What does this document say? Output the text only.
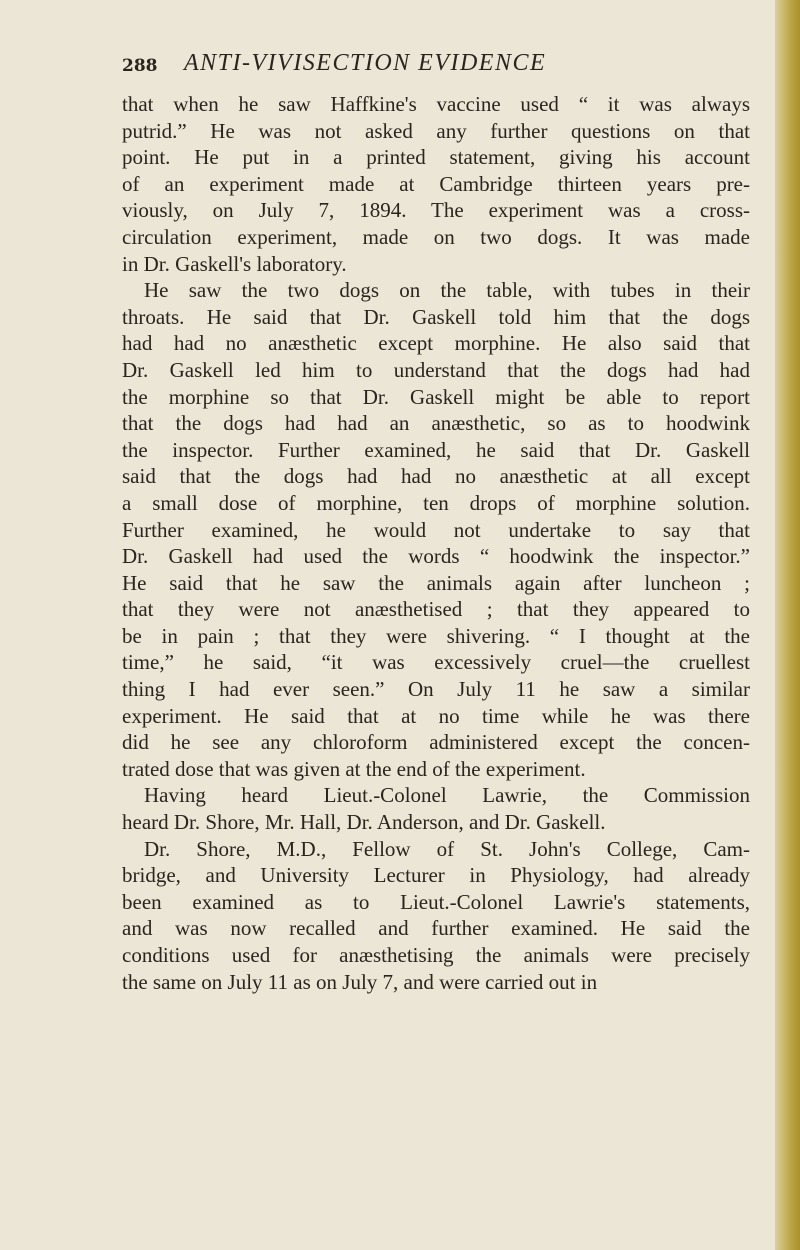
288 ANTI-VIVISECTION EVIDENCE
that when he saw Haffkine's vaccine used “ it was always
putrid.” He was not asked any further questions on that
point. He put in a printed statement, giving his account
of an experiment made at Cambridge thirteen years pre-
viously, on July 7, 1894. The experiment was a cross-
circulation experiment, made on two dogs. It was made
in Dr. Gaskell's laboratory.
He saw the two dogs on the table, with tubes in their
throats. He said that Dr. Gaskell told him that the dogs
had had no anæsthetic except morphine. He also said that
Dr. Gaskell led him to understand that the dogs had had
the morphine so that Dr. Gaskell might be able to report
that the dogs had had an anæsthetic, so as to hoodwink
the inspector. Further examined, he said that Dr. Gaskell
said that the dogs had had no anæsthetic at all except
a small dose of morphine, ten drops of morphine solution.
Further examined, he would not undertake to say that
Dr. Gaskell had used the words “ hoodwink the inspector.”
He said that he saw the animals again after luncheon ;
that they were not anæsthetised ; that they appeared to
be in pain ; that they were shivering. “ I thought at the
time,” he said, “it was excessively cruel—the cruellest
thing I had ever seen.” On July 11 he saw a similar
experiment. He said that at no time while he was there
did he see any chloroform administered except the concen-
trated dose that was given at the end of the experiment.
Having heard Lieut.-Colonel Lawrie, the Commission
heard Dr. Shore, Mr. Hall, Dr. Anderson, and Dr. Gaskell.
Dr. Shore, M.D., Fellow of St. John's College, Cam-
bridge, and University Lecturer in Physiology, had already
been examined as to Lieut.-Colonel Lawrie's statements,
and was now recalled and further examined. He said the
conditions used for anæsthetising the animals were precisely
the same on July 11 as on July 7, and were carried out in
